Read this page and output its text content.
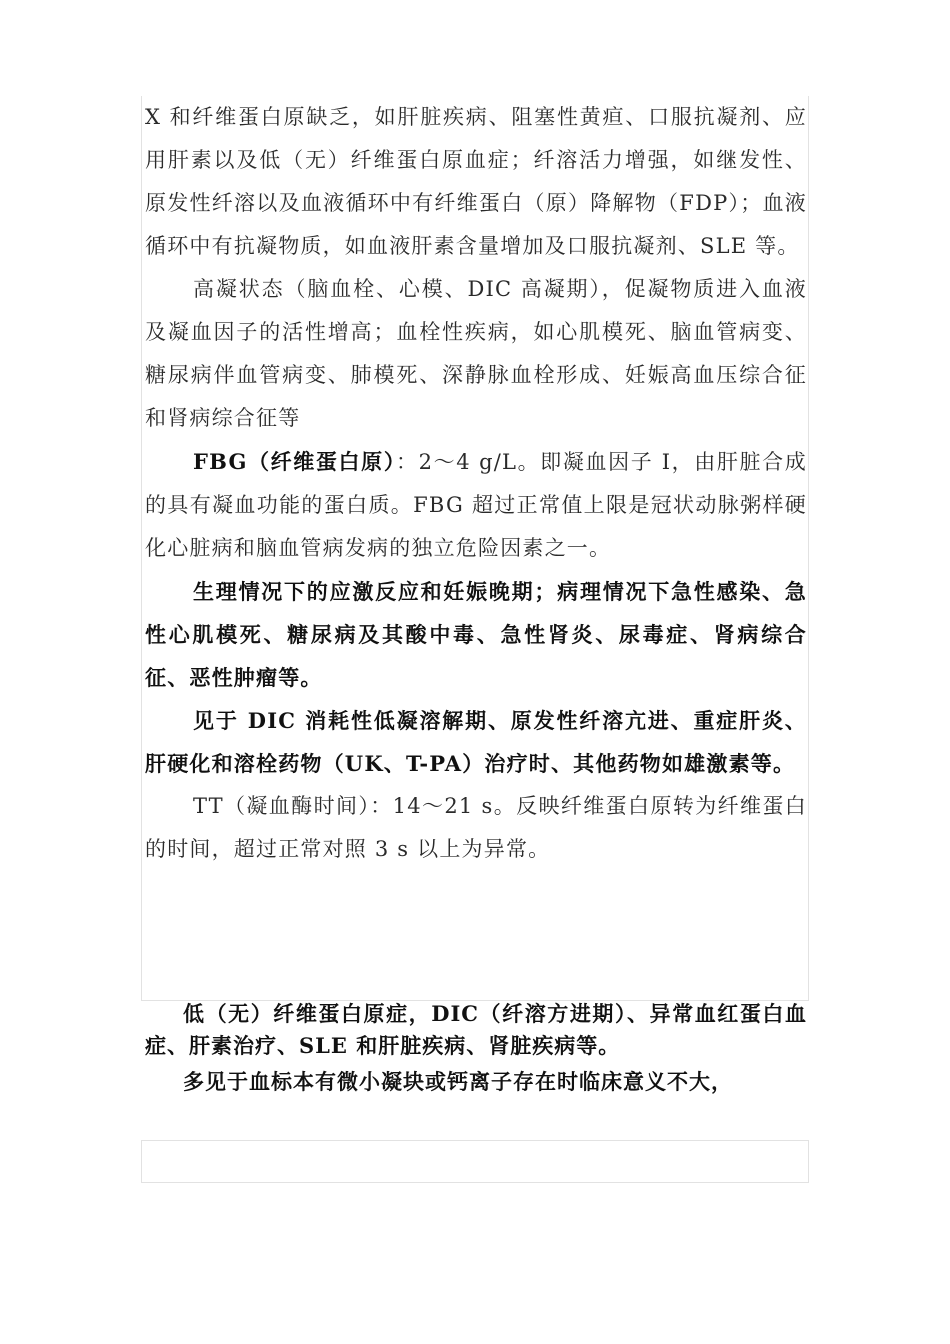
X 和纤维蛋白原缺乏，如肝脏疾病、阻塞性黄疸、口服抗凝剂、应用肝素以及低（无）纤维蛋白原血症；纤溶活力增强，如继发性、原发性纤溶以及血液循环中有纤维蛋白（原）降解物（FDP）；血液循环中有抗凝物质，如血液肝素含量增加及口服抗凝剂、SLE 等。

高凝状态（脑血栓、心模、DIC 高凝期），促凝物质进入血液及凝血因子的活性增高；血栓性疾病，如心肌模死、脑血管病变、糖尿病伴血管病变、肺模死、深静脉血栓形成、妊娠高血压综合征和肾病综合征等

FBG（纤维蛋白原）：2～4 g/L。即凝血因子 Ⅰ，由肝脏合成的具有凝血功能的蛋白质。FBG 超过正常值上限是冠状动脉粥样硬化心脏病和脑血管病发病的独立危险因素之一。

生理情况下的应激反应和妊娠晚期；病理情况下急性感染、急性心肌模死、糖尿病及其酸中毒、急性肾炎、尿毒症、肾病综合征、恶性肿瘤等。

见于 DIC 消耗性低凝溶解期、原发性纤溶亢进、重症肝炎、肝硬化和溶栓药物（UK、T-PA）治疗时、其他药物如雄激素等。

TT（凝血酶时间）：14～21 s。反映纤维蛋白原转为纤维蛋白的时间，超过正常对照 3 s 以上为异常。

低（无）纤维蛋白原症，DIC（纤溶方进期）、异常血红蛋白血症、肝素治疗、SLE 和肝脏疾病、肾脏疾病等。

多见于血标本有微小凝块或钙离子存在时临床意义不大，
